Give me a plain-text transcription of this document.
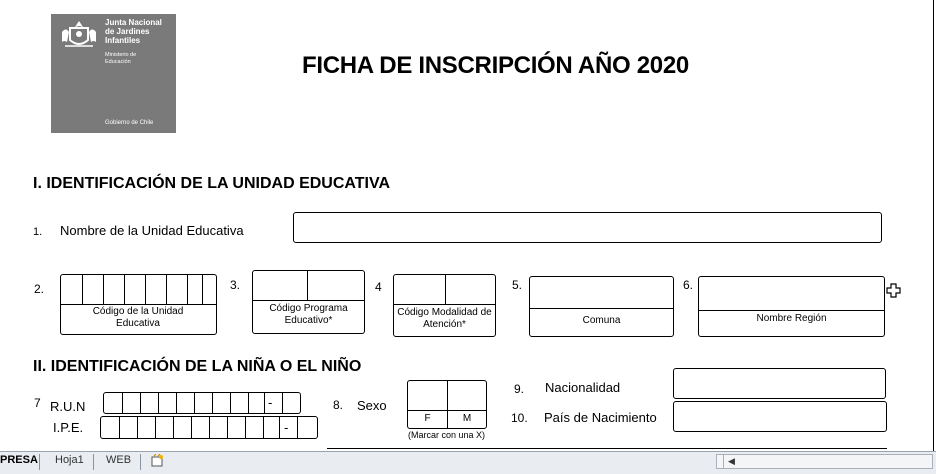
Junta Nacional
de Jardines
Infantiles
Ministerio de
Educación
Gobierno de Chile
FICHA DE INSCRIPCIÓN AÑO 2020
I. IDENTIFICACIÓN DE LA UNIDAD EDUCATIVA
1. Nombre de la Unidad Educativa
2.
Código de la Unidad Educativa
3.
Código Programa Educativo*
4
Código Modalidad de Atención*
5.
Comuna
6.
Nombre Región
II. IDENTIFICACIÓN DE LA NIÑA O EL NIÑO
7 R.U.N	-
I.P.E.	-
8. Sexo
F	M
(Marcar con una X)
9. Nacionalidad
10. País de Nacimiento
PRESA Hoja1 WEB	◀
